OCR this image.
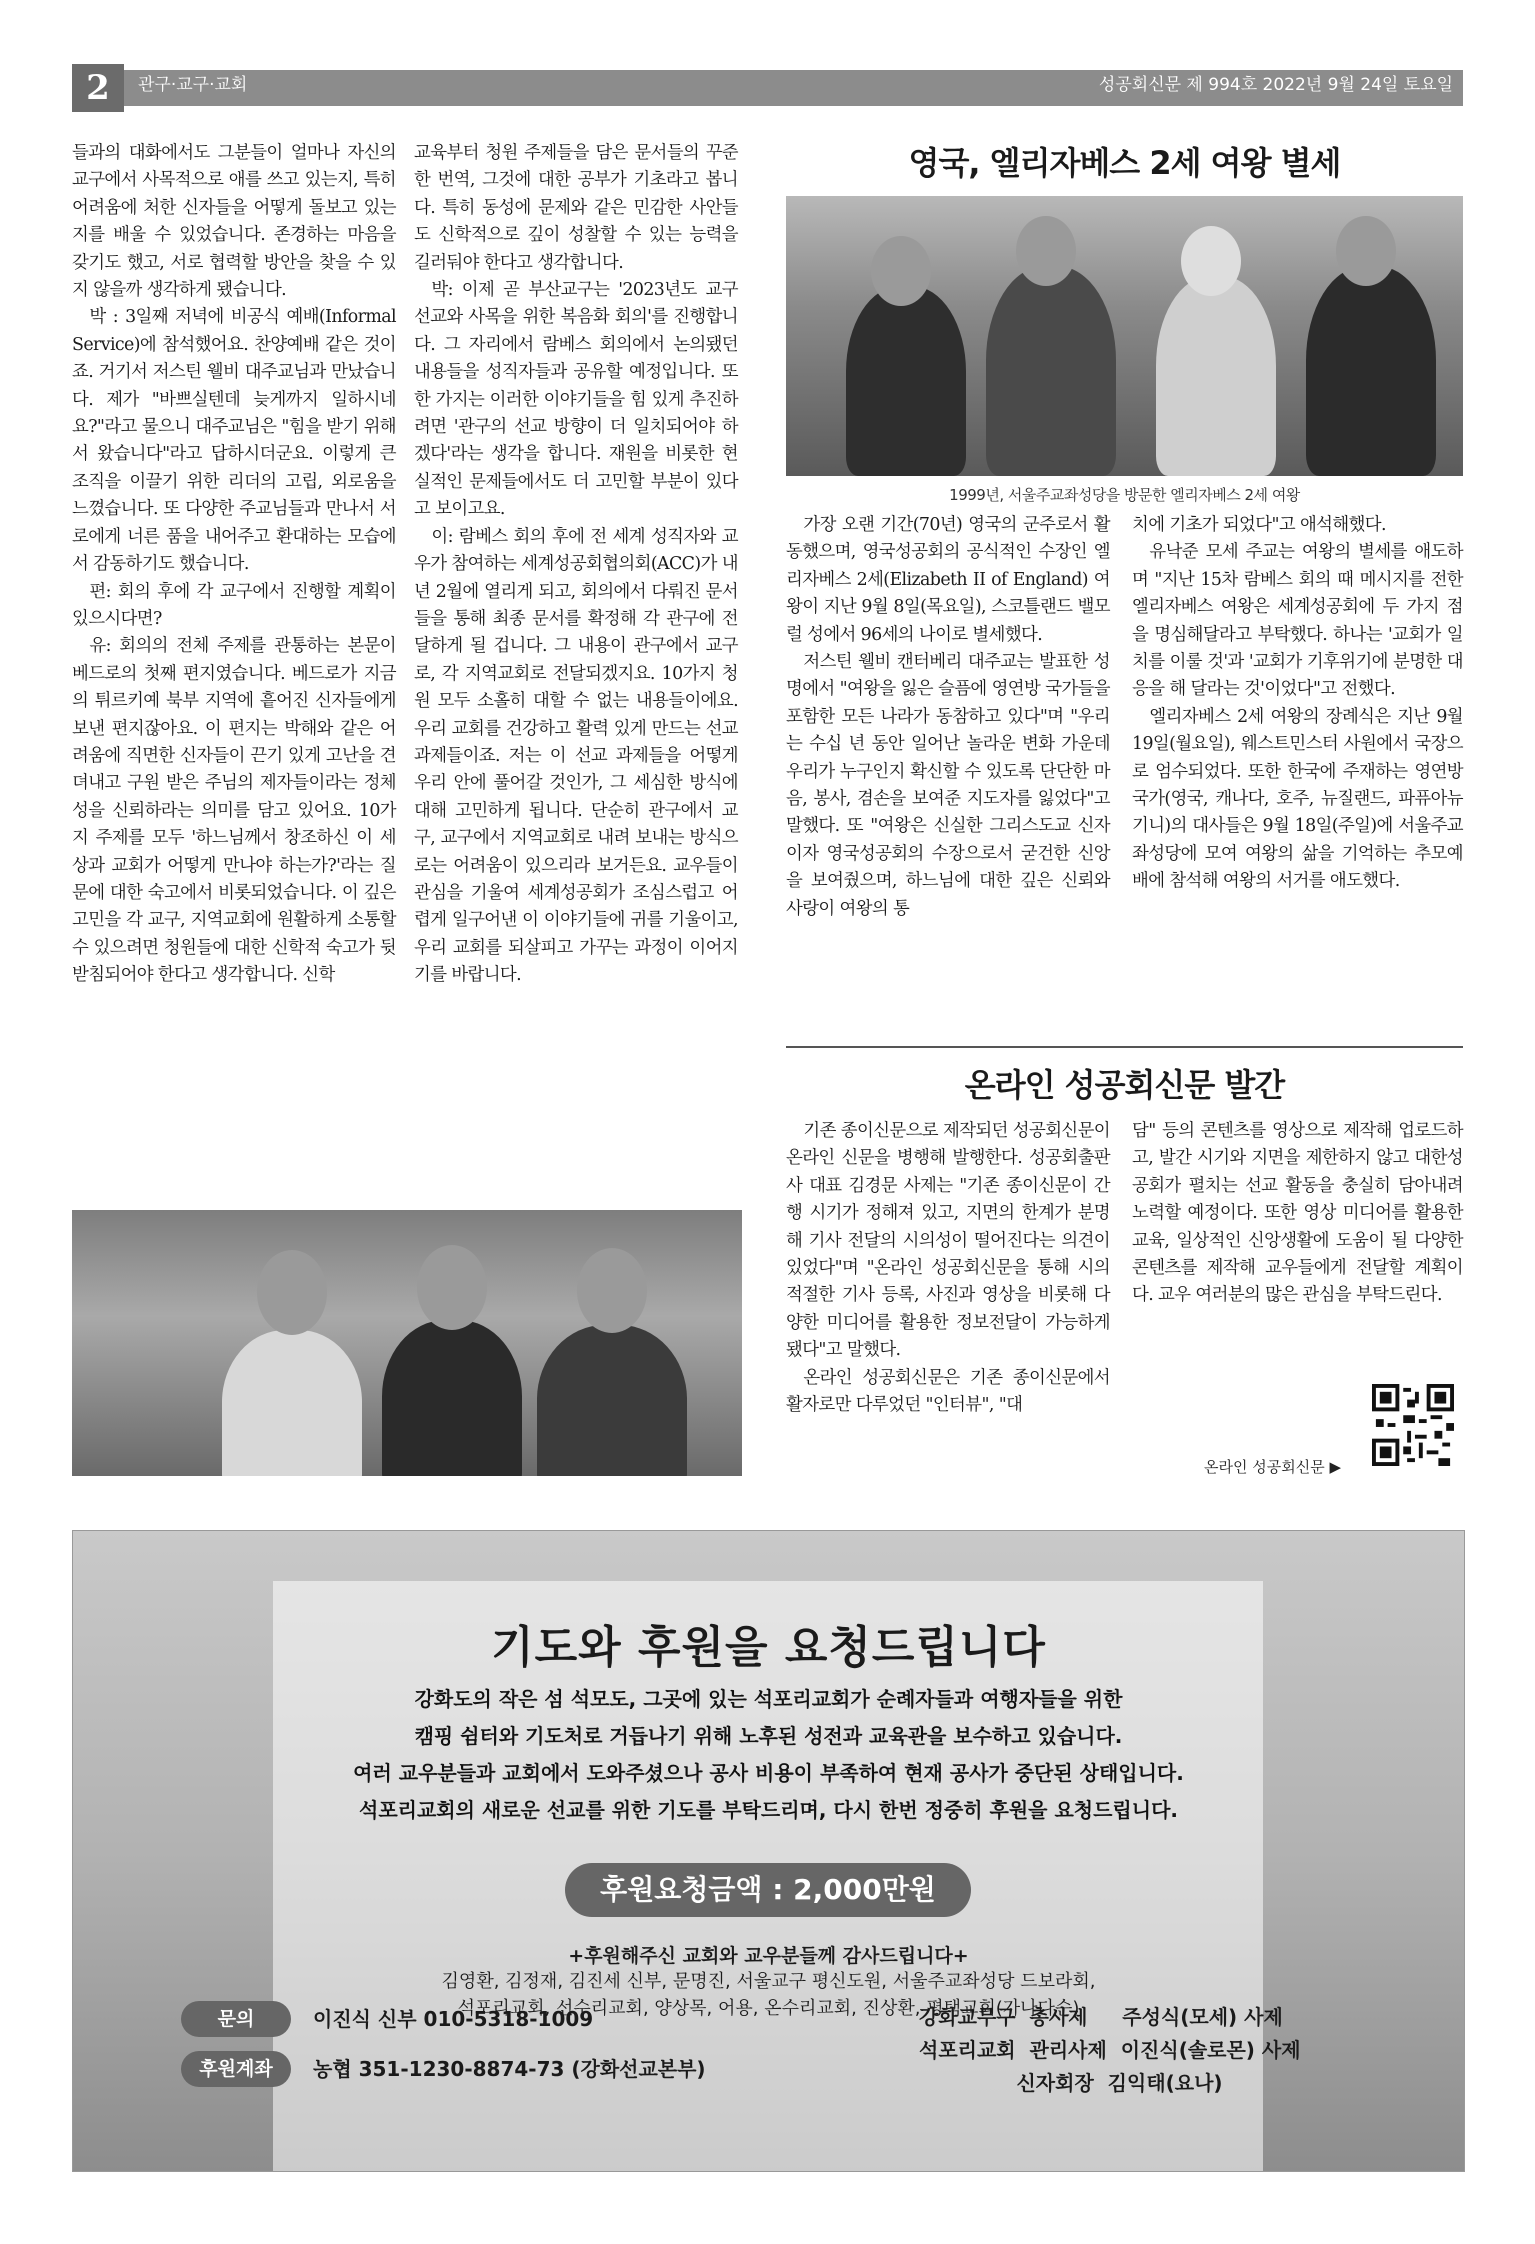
2	관구·교구·교회	성공회신문 제 994호 2022년 9월 24일 토요일

들과의 대화에서도 그분들이 얼마나 자신의 교구에서 사목적으로 애를 쓰고 있는지, 특히 어려움에 처한 신자들을 어떻게 돌보고 있는지를 배울 수 있었습니다. 존경하는 마음을 갖기도 했고, 서로 협력할 방안을 찾을 수 있지 않을까 생각하게 됐습니다.

박 : 3일째 저녁에 비공식 예배(Informal Service)에 참석했어요. 찬양예배 같은 것이죠. 거기서 저스틴 웰비 대주교님과 만났습니다. 제가 "바쁘실텐데 늦게까지 일하시네요?"라고 물으니 대주교님은 "힘을 받기 위해서 왔습니다"라고 답하시더군요. 이렇게 큰 조직을 이끌기 위한 리더의 고립, 외로움을 느꼈습니다. 또 다양한 주교님들과 만나서 서로에게 너른 품을 내어주고 환대하는 모습에서 감동하기도 했습니다.

편: 회의 후에 각 교구에서 진행할 계획이 있으시다면?

유: 회의의 전체 주제를 관통하는 본문이 베드로의 첫째 편지였습니다. 베드로가 지금의 튀르키예 북부 지역에 흩어진 신자들에게 보낸 편지잖아요. 이 편지는 박해와 같은 어려움에 직면한 신자들이 끈기 있게 고난을 견뎌내고 구원 받은 주님의 제자들이라는 정체성을 신뢰하라는 의미를 담고 있어요. 10가지 주제를 모두 '하느님께서 창조하신 이 세상과 교회가 어떻게 만나야 하는가?'라는 질문에 대한 숙고에서 비롯되었습니다. 이 깊은 고민을 각 교구, 지역교회에 원활하게 소통할 수 있으려면 청원들에 대한 신학적 숙고가 뒷받침되어야 한다고 생각합니다. 신학

교육부터 청원 주제들을 담은 문서들의 꾸준한 번역, 그것에 대한 공부가 기초라고 봅니다. 특히 동성에 문제와 같은 민감한 사안들도 신학적으로 깊이 성찰할 수 있는 능력을 길러둬야 한다고 생각합니다.

박: 이제 곧 부산교구는 '2023년도 교구 선교와 사목을 위한 복음화 회의'를 진행합니다. 그 자리에서 람베스 회의에서 논의됐던 내용들을 성직자들과 공유할 예정입니다. 또 한 가지는 이러한 이야기들을 힘 있게 추진하려면 '관구의 선교 방향이 더 일치되어야 하겠다'라는 생각을 합니다. 재원을 비롯한 현실적인 문제들에서도 더 고민할 부분이 있다고 보이고요.

이: 람베스 회의 후에 전 세계 성직자와 교우가 참여하는 세계성공회협의회(ACC)가 내년 2월에 열리게 되고, 회의에서 다뤄진 문서들을 통해 최종 문서를 확정해 각 관구에 전달하게 될 겁니다. 그 내용이 관구에서 교구로, 각 지역교회로 전달되겠지요. 10가지 청원 모두 소홀히 대할 수 없는 내용들이에요. 우리 교회를 건강하고 활력 있게 만드는 선교 과제들이죠. 저는 이 선교 과제들을 어떻게 우리 안에 풀어갈 것인가, 그 세심한 방식에 대해 고민하게 됩니다. 단순히 관구에서 교구, 교구에서 지역교회로 내려 보내는 방식으로는 어려움이 있으리라 보거든요. 교우들이 관심을 기울여 세계성공회가 조심스럽고 어렵게 일구어낸 이 이야기들에 귀를 기울이고, 우리 교회를 되살피고 가꾸는 과정이 이어지기를 바랍니다.

영국, 엘리자베스 2세 여왕 별세
1999년, 서울주교좌성당을 방문한 엘리자베스 2세 여왕

가장 오랜 기간(70년) 영국의 군주로서 활동했으며, 영국성공회의 공식적인 수장인 엘리자베스 2세(Elizabeth II of England) 여왕이 지난 9월 8일(목요일), 스코틀랜드 밸모럴 성에서 96세의 나이로 별세했다.

저스틴 웰비 캔터베리 대주교는 발표한 성명에서 "여왕을 잃은 슬픔에 영연방 국가들을 포함한 모든 나라가 동참하고 있다"며 "우리는 수십 년 동안 일어난 놀라운 변화 가운데 우리가 누구인지 확신할 수 있도록 단단한 마음, 봉사, 겸손을 보여준 지도자를 잃었다"고 말했다. 또 "여왕은 신실한 그리스도교 신자이자 영국성공회의 수장으로서 굳건한 신앙을 보여줬으며, 하느님에 대한 깊은 신뢰와 사랑이 여왕의 통

치에 기초가 되었다"고 애석해했다.

유낙준 모세 주교는 여왕의 별세를 애도하며 "지난 15차 람베스 회의 때 메시지를 전한 엘리자베스 여왕은 세계성공회에 두 가지 점을 명심해달라고 부탁했다. 하나는 '교회가 일치를 이룰 것'과 '교회가 기후위기에 분명한 대응을 해 달라는 것'이었다"고 전했다.

엘리자베스 2세 여왕의 장례식은 지난 9월 19일(월요일), 웨스트민스터 사원에서 국장으로 엄수되었다. 또한 한국에 주재하는 영연방 국가(영국, 캐나다, 호주, 뉴질랜드, 파퓨아뉴기니)의 대사들은 9월 18일(주일)에 서울주교좌성당에 모여 여왕의 삶을 기억하는 추모예배에 참석해 여왕의 서거를 애도했다.

온라인 성공회신문 발간

기존 종이신문으로 제작되던 성공회신문이 온라인 신문을 병행해 발행한다. 성공회출판사 대표 김경문 사제는 "기존 종이신문이 간행 시기가 정해져 있고, 지면의 한계가 분명해 기사 전달의 시의성이 떨어진다는 의견이 있었다"며 "온라인 성공회신문을 통해 시의적절한 기사 등록, 사진과 영상을 비롯해 다양한 미디어를 활용한 정보전달이 가능하게 됐다"고 말했다.

온라인 성공회신문은 기존 종이신문에서 활자로만 다루었던 "인터뷰", "대

담" 등의 콘텐츠를 영상으로 제작해 업로드하고, 발간 시기와 지면을 제한하지 않고 대한성공회가 펼치는 선교 활동을 충실히 담아내려 노력할 예정이다. 또한 영상 미디어를 활용한 교육, 일상적인 신앙생활에 도움이 될 다양한 콘텐츠를 제작해 교우들에게 전달할 계획이다. 교우 여러분의 많은 관심을 부탁드린다.

온라인 성공회신문 ▶
기도와 후원을 요청드립니다
강화도의 작은 섬 석모도, 그곳에 있는 석포리교회가 순례자들과 여행자들을 위한
캠핑 쉼터와 기도처로 거듭나기 위해 노후된 성전과 교육관을 보수하고 있습니다.
여러 교우분들과 교회에서 도와주셨으나 공사 비용이 부족하여 현재 공사가 중단된 상태입니다.
석포리교회의 새로운 선교를 위한 기도를 부탁드리며, 다시 한번 정중히 후원을 요청드립니다.
후원요청금액 : 2,000만원
+후원해주신 교회와 교우분들께 감사드립니다+
김영환, 김정재, 김진세 신부, 문명진, 서울교구 평신도원, 서울주교좌성당 드보라회,
석포리교회, 선수리교회, 양상목, 어용, 온수리교회, 진상환, 평택교회(가나다순)
문의	이진식 신부 010-5318-1009
후원계좌	농협 351-1230-8874-73 (강화선교본부)
강화교무구  총사제     주성식(모세) 사제
석포리교회  관리사제  이진식(솔로몬) 사제
신자회장  김익태(요나)
